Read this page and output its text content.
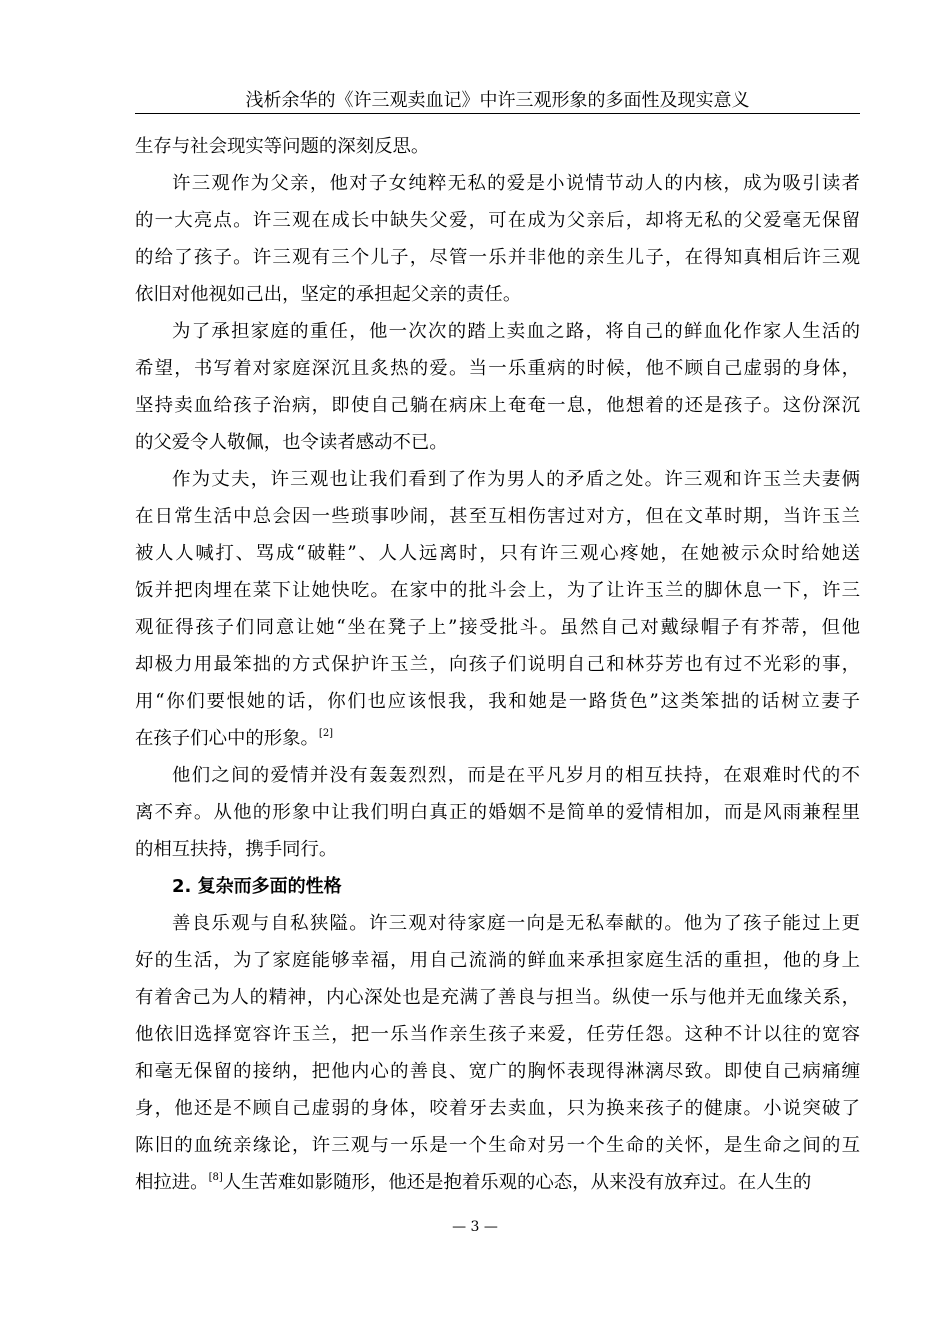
浅析余华的《许三观卖血记》中许三观形象的多面性及现实意义
生存与社会现实等问题的深刻反思。
许三观作为父亲，他对子女纯粹无私的爱是小说情节动人的内核，成为吸引读者
的一大亮点。许三观在成长中缺失父爱，可在成为父亲后，却将无私的父爱毫无保留
的给了孩子。许三观有三个儿子，尽管一乐并非他的亲生儿子，在得知真相后许三观
依旧对他视如己出，坚定的承担起父亲的责任。
为了承担家庭的重任，他一次次的踏上卖血之路，将自己的鲜血化作家人生活的
希望，书写着对家庭深沉且炙热的爱。当一乐重病的时候，他不顾自己虚弱的身体，
坚持卖血给孩子治病，即使自己躺在病床上奄奄一息，他想着的还是孩子。这份深沉
的父爱令人敬佩，也令读者感动不已。
作为丈夫，许三观也让我们看到了作为男人的矛盾之处。许三观和许玉兰夫妻俩
在日常生活中总会因一些琐事吵闹，甚至互相伤害过对方，但在文革时期，当许玉兰
被人人喊打、骂成“破鞋”、人人远离时，只有许三观心疼她，在她被示众时给她送
饭并把肉埋在菜下让她快吃。在家中的批斗会上，为了让许玉兰的脚休息一下，许三
观征得孩子们同意让她“坐在凳子上”接受批斗。虽然自己对戴绿帽子有芥蒂，但他
却极力用最笨拙的方式保护许玉兰，向孩子们说明自己和林芬芳也有过不光彩的事，
用“你们要恨她的话，你们也应该恨我，我和她是一路货色”这类笨拙的话树立妻子
在孩子们心中的形象。[2]
他们之间的爱情并没有轰轰烈烈，而是在平凡岁月的相互扶持，在艰难时代的不
离不弃。从他的形象中让我们明白真正的婚姻不是简单的爱情相加，而是风雨兼程里
的相互扶持，携手同行。
2. 复杂而多面的性格
善良乐观与自私狭隘。许三观对待家庭一向是无私奉献的。他为了孩子能过上更
好的生活，为了家庭能够幸福，用自己流淌的鲜血来承担家庭生活的重担，他的身上
有着舍己为人的精神，内心深处也是充满了善良与担当。纵使一乐与他并无血缘关系，
他依旧选择宽容许玉兰，把一乐当作亲生孩子来爱，任劳任怨。这种不计以往的宽容
和毫无保留的接纳，把他内心的善良、宽广的胸怀表现得淋漓尽致。即使自己病痛缠
身，他还是不顾自己虚弱的身体，咬着牙去卖血，只为换来孩子的健康。小说突破了
陈旧的血统亲缘论，许三观与一乐是一个生命对另一个生命的关怀，是生命之间的互
相拉进。[8]人生苦难如影随形，他还是抱着乐观的心态，从来没有放弃过。在人生的
— 3 —
